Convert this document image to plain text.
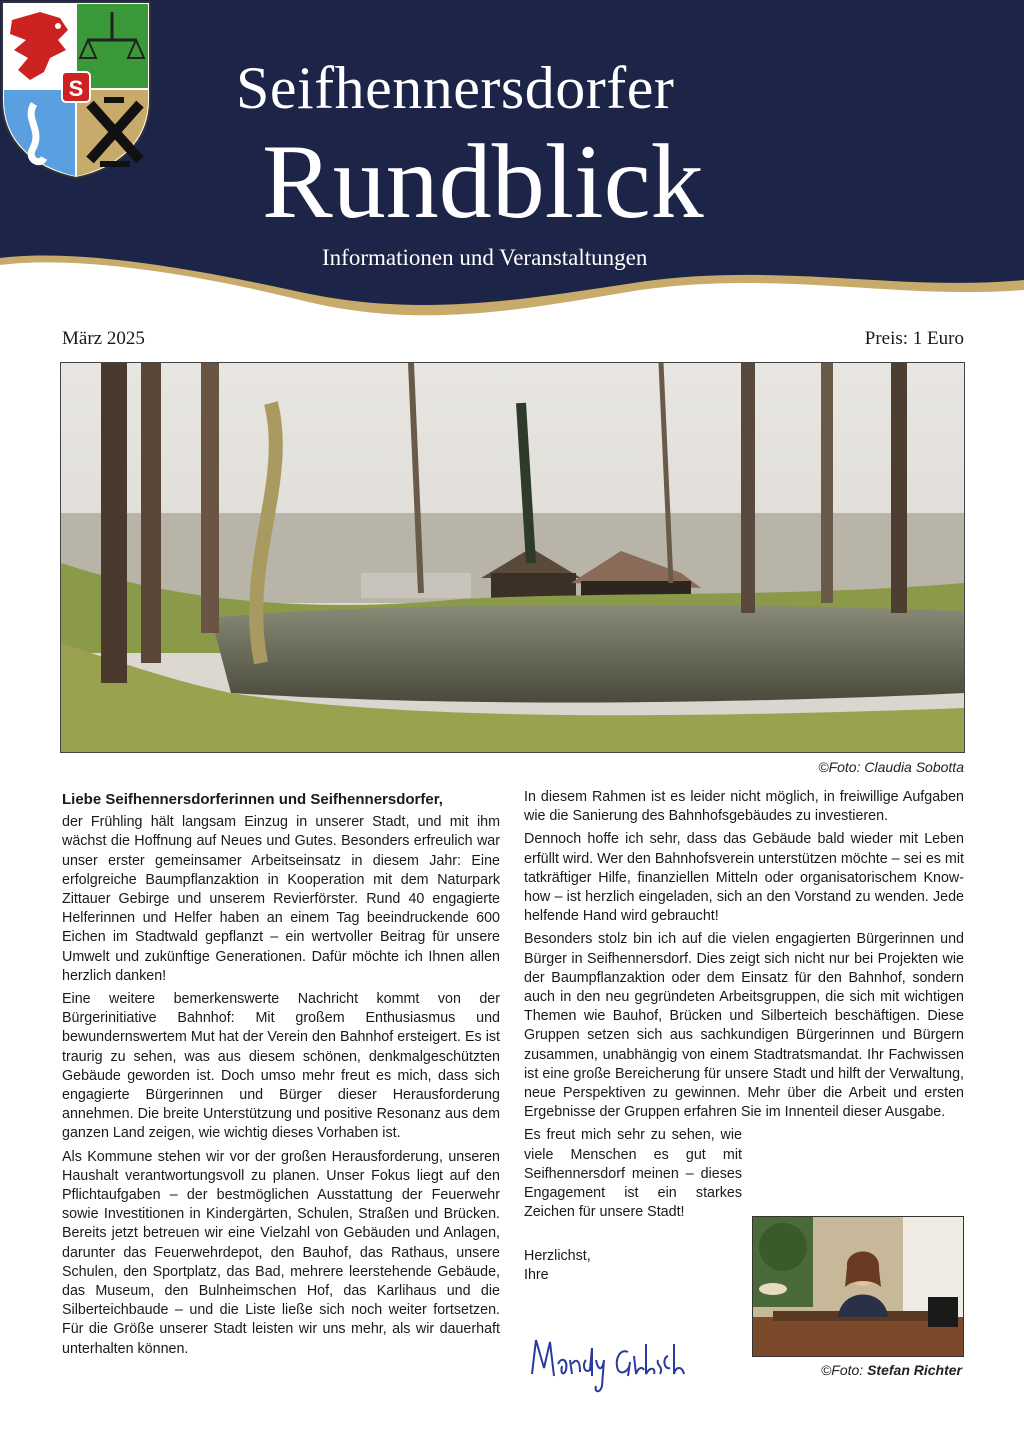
S	Seifhennersdorfer
Rundblick
Informationen und Veranstaltungen
März 2025	Preis: 1 Euro
©Foto: Claudia Sobotta

Liebe Seifhennersdorferinnen und Seifhennersdorfer,

der Frühling hält langsam Einzug in unserer Stadt, und mit ihm wächst die Hoffnung auf Neues und Gutes. Besonders erfreulich war unser erster gemeinsamer Arbeitseinsatz in diesem Jahr: Eine erfolgreiche Baumpflanzaktion in Kooperation mit dem Naturpark Zittauer Gebirge und unserem Revierförster. Rund 40 engagierte Helferinnen und Helfer haben an einem Tag beeindruckende 600 Eichen im Stadtwald gepflanzt – ein wertvoller Beitrag für unsere Umwelt und zukünftige Generationen. Dafür möchte ich Ihnen allen herzlich danken!

Eine weitere bemerkenswerte Nachricht kommt von der Bürgerinitiative Bahnhof: Mit großem Enthusiasmus und bewundernswertem Mut hat der Verein den Bahnhof ersteigert. Es ist traurig zu sehen, was aus diesem schönen, denkmalgeschützten Gebäude geworden ist. Doch umso mehr freut es mich, dass sich engagierte Bürgerinnen und Bürger dieser Herausforderung annehmen. Die breite Unterstützung und positive Resonanz aus dem ganzen Land zeigen, wie wichtig dieses Vorhaben ist.

Als Kommune stehen wir vor der großen Herausforderung, unseren Haushalt verantwortungsvoll zu planen. Unser Fokus liegt auf den Pflichtaufgaben – der bestmöglichen Ausstattung der Feuerwehr sowie Investitionen in Kindergärten, Schulen, Straßen und Brücken. Bereits jetzt betreuen wir eine Vielzahl von Gebäuden und Anlagen, darunter das Feuerwehrdepot, den Bauhof, das Rathaus, unsere Schulen, den Sportplatz, das Bad, mehrere leerstehende Gebäude, das Museum, den Bulnheimschen Hof, das Karlihaus und die Silberteichbaude – und die Liste ließe sich noch weiter fortsetzen. Für die Größe unserer Stadt leisten wir uns mehr, als wir dauerhaft unterhalten können.

In diesem Rahmen ist es leider nicht möglich, in freiwillige Aufgaben wie die Sanierung des Bahnhofsgebäudes zu investieren.

Dennoch hoffe ich sehr, dass das Gebäude bald wieder mit Leben erfüllt wird. Wer den Bahnhofsverein unterstützen möchte – sei es mit tatkräftiger Hilfe, finanziellen Mitteln oder organisatorischem Know-how – ist herzlich eingeladen, sich an den Vorstand zu wenden. Jede helfende Hand wird gebraucht!

Besonders stolz bin ich auf die vielen engagierten Bürgerinnen und Bürger in Seifhennersdorf. Dies zeigt sich nicht nur bei Projekten wie der Baumpflanzaktion oder dem Einsatz für den Bahnhof, sondern auch in den neu gegründeten Arbeitsgruppen, die sich mit wichtigen Themen wie Bauhof, Brücken und Silberteich beschäftigen. Diese Gruppen setzen sich aus sachkundigen Bürgerinnen und Bürgern zusammen, unabhängig von einem Stadtratsmandat. Ihr Fachwissen ist eine große Bereicherung für unsere Stadt und hilft der Verwaltung, neue Perspektiven zu gewinnen. Mehr über die Arbeit und ersten Ergebnisse der Gruppen erfahren Sie im Innenteil dieser Ausgabe.

Es freut mich sehr zu sehen, wie viele Menschen es gut mit Seifhennersdorf meinen – dieses Engagement ist ein starkes Zeichen für unsere Stadt!

Herzlichst,
Ihre
©Foto: Stefan Richter
